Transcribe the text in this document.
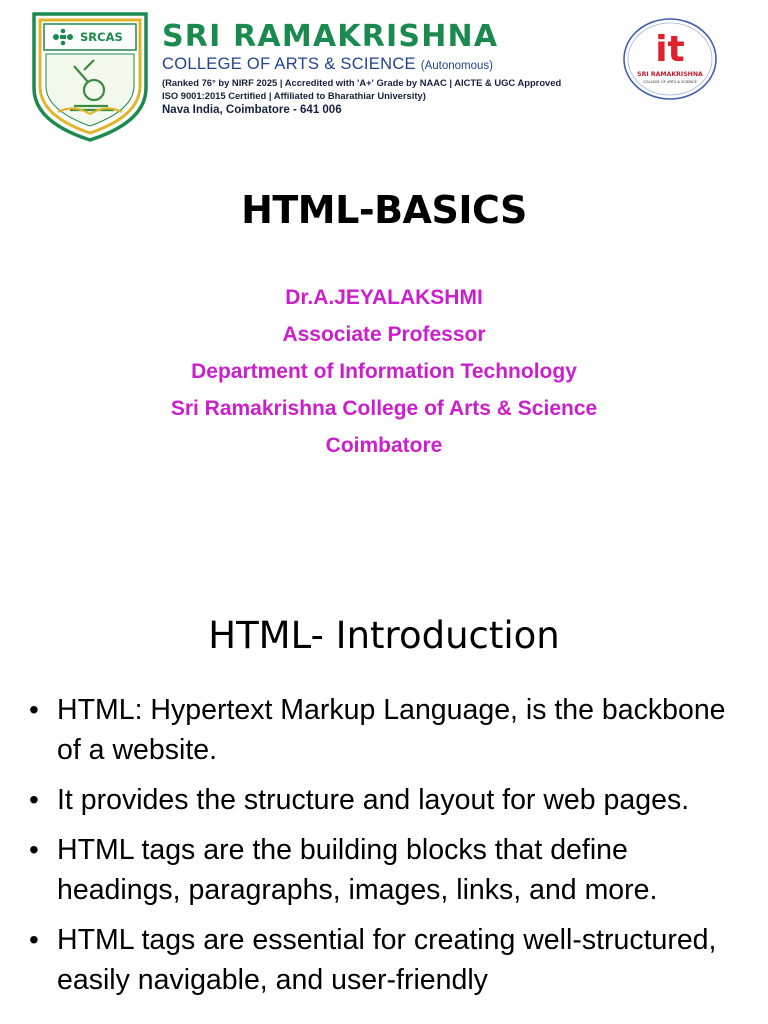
SRCAS SRI RAMAKRISHNA
COLLEGE OF ARTS & SCIENCE (Autonomous)
(Ranked 76° by NIRF 2025 | Accredited with 'A+' Grade by NAAC | AICTE & UGC Approved
ISO 9001:2015 Certified | Affiliated to Bharathiar University)
Nava India, Coimbatore - 641 006
it
SRI RAMAKRISHNA
COLLEGE OF ARTS & SCIENCE
HTML-BASICS
Dr.A.JEYALAKSHMI
Associate Professor
Department of Information Technology
Sri Ramakrishna College of Arts & Science
Coimbatore
HTML- Introduction
• HTML: Hypertext Markup Language, is the backbone of a website.
• It provides the structure and layout for web pages.
• HTML tags are the building blocks that define headings, paragraphs, images, links, and more.
• HTML tags are essential for creating well-structured, easily navigable, and user-friendly
